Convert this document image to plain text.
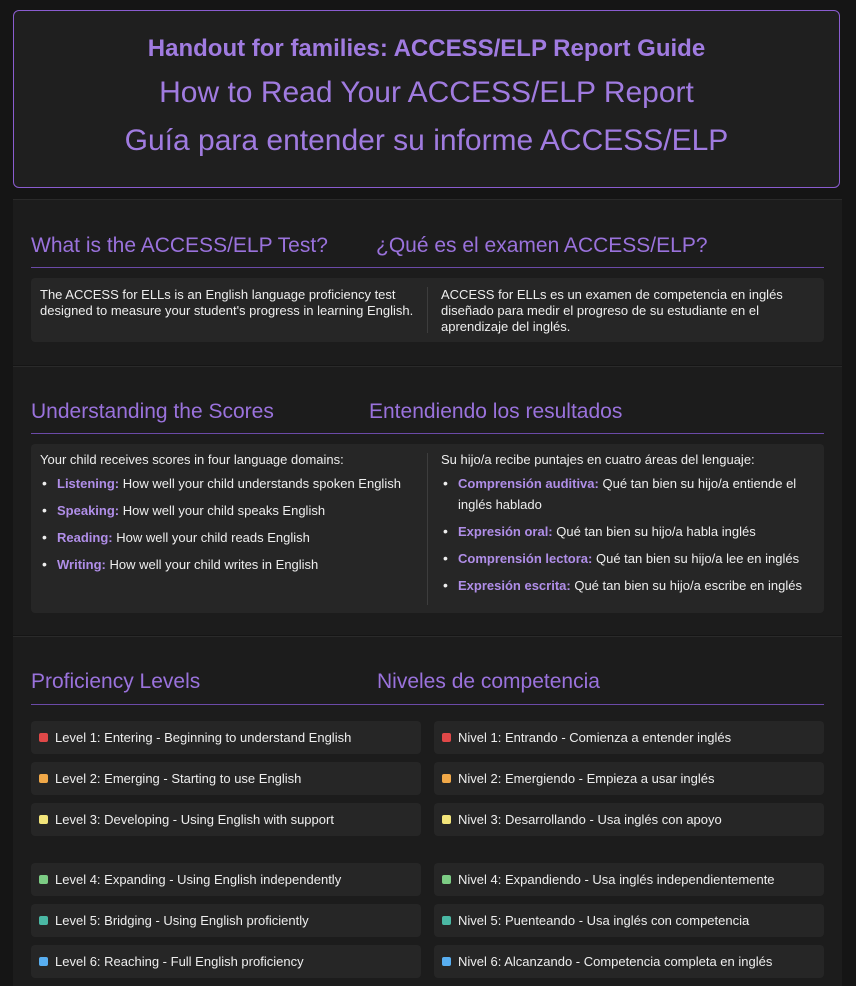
Handout for families: ACCESS/ELP Report Guide
How to Read Your ACCESS/ELP Report
Guía para entender su informe ACCESS/ELP
What is the ACCESS/ELP Test? ¿Qué es el examen ACCESS/ELP?
The ACCESS for ELLs is an English language proficiency test designed to measure your student's progress in learning English.
ACCESS for ELLs es un examen de competencia en inglés diseñado para medir el progreso de su estudiante en el aprendizaje del inglés.
Understanding the Scores	Entendiendo los resultados
Your child receives scores in four language domains:
• Listening: How well your child understands spoken English
• Speaking: How well your child speaks English
• Reading: How well your child reads English
• Writing: How well your child writes in English
Su hijo/a recibe puntajes en cuatro áreas del lenguaje:
• Comprensión auditiva: Qué tan bien su hijo/a entiende el inglés hablado
• Expresión oral: Qué tan bien su hijo/a habla inglés
• Comprensión lectora: Qué tan bien su hijo/a lee en inglés
• Expresión escrita: Qué tan bien su hijo/a escribe en inglés
Proficiency Levels	Niveles de competencia
Level 1: Entering - Beginning to understand English
Level 2: Emerging - Starting to use English
Level 3: Developing - Using English with support
Level 4: Expanding - Using English independently
Level 5: Bridging - Using English proficiently
Level 6: Reaching - Full English proficiency
Nivel 1: Entrando - Comienza a entender inglés
Nivel 2: Emergiendo - Empieza a usar inglés
Nivel 3: Desarrollando - Usa inglés con apoyo
Nivel 4: Expandiendo - Usa inglés independientemente
Nivel 5: Puenteando - Usa inglés con competencia
Nivel 6: Alcanzando - Competencia completa en inglés
